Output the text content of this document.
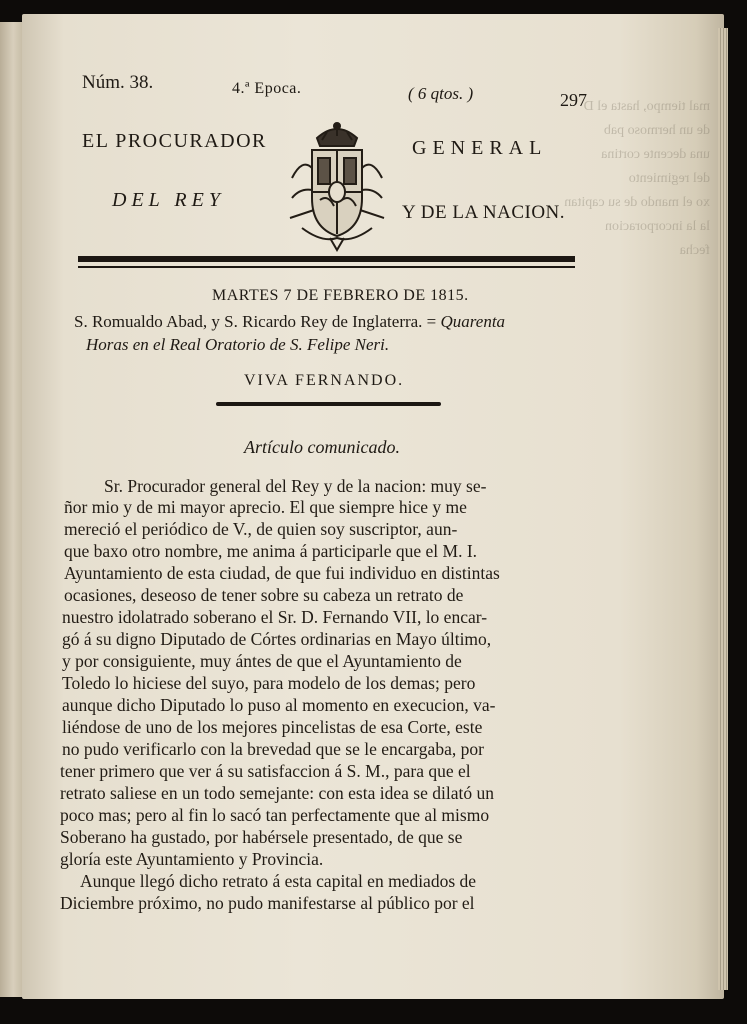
mal tiempo, hasta el D
de un hermoso pab
una decente cortina
del regimiento
xo el mando de su capitan
la la incorporacion
fecha
Núm. 38.	4.ª Epoca.	( 6 qtos. )	297
EL PROCURADOR	GENERAL
DEL REY
Y DE LA NACION.
MARTES 7 DE FEBRERO DE 1815.
S. Romualdo Abad, y S. Ricardo Rey de Inglaterra. = Quarenta
Horas en el Real Oratorio de S. Felipe Neri.
VIVA FERNANDO.
Artículo comunicado.
Sr. Procurador general del Rey y de la nacion: muy se-
ñor mio y de mi mayor aprecio. El que siempre hice y me
mereció el periódico de V., de quien soy suscriptor, aun-
que baxo otro nombre, me anima á participarle que el M. I.
Ayuntamiento de esta ciudad, de que fui individuo en distintas
ocasiones, deseoso de tener sobre su cabeza un retrato de
nuestro idolatrado soberano el Sr. D. Fernando VII, lo encar-
gó á su digno Diputado de Córtes ordinarias en Mayo último,
y por consiguiente, muy ántes de que el Ayuntamiento de
Toledo lo hiciese del suyo, para modelo de los demas; pero
aunque dicho Diputado lo puso al momento en execucion, va-
liéndose de uno de los mejores pincelistas de esa Corte, este
no pudo verificarlo con la brevedad que se le encargaba, por
tener primero que ver á su satisfaccion á S. M., para que el
retrato saliese en un todo semejante: con esta idea se dilató un
poco mas; pero al fin lo sacó tan perfectamente que al mismo
Soberano ha gustado, por habérsele presentado, de que se
gloría este Ayuntamiento y Provincia.
Aunque llegó dicho retrato á esta capital en mediados de
Diciembre próximo, no pudo manifestarse al público por el
